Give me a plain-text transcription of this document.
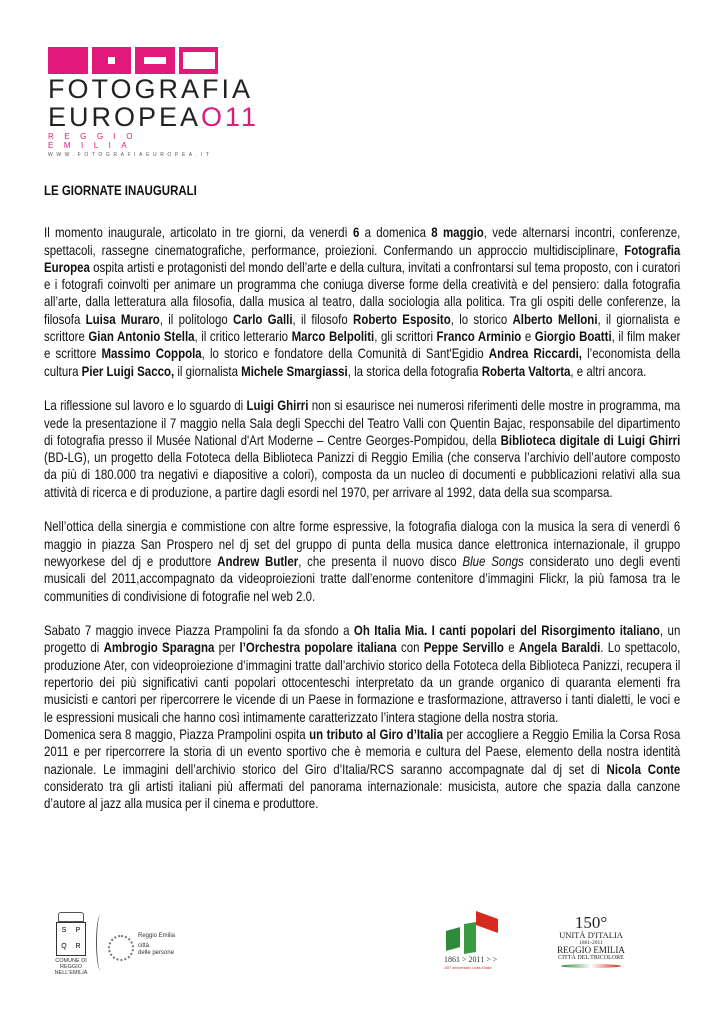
FOTOGRAFIA
EUROPEAO11
REGGIO EMILIA
WWW.FOTOGRAFIAEUROPEA.IT
LE GIORNATE INAUGURALI

Il momento inaugurale, articolato in tre giorni, da venerdì 6 a domenica 8 maggio, vede alternarsi incontri, conferenze, spettacoli, rassegne cinematografiche, performance, proiezioni. Confermando un approccio multidisciplinare, Fotografia Europea ospita artisti e protagonisti del mondo dell’arte e della cultura, invitati a confrontarsi sul tema proposto, con i curatori e i fotografi coinvolti per animare un programma che coniuga diverse forme della creatività e del pensiero: dalla fotografia all’arte, dalla letteratura alla filosofia, dalla musica al teatro, dalla sociologia alla politica. Tra gli ospiti delle conferenze, la filosofa Luisa Muraro, il politologo Carlo Galli, il filosofo Roberto Esposito, lo storico Alberto Melloni, il giornalista e scrittore Gian Antonio Stella, il critico letterario Marco Belpoliti, gli scrittori Franco Arminio e Giorgio Boatti, il film maker e scrittore Massimo Coppola, lo storico e fondatore della Comunità di Sant'Egidio Andrea Riccardi, l’economista della cultura Pier Luigi Sacco, il giornalista Michele Smargiassi, la storica della fotografia Roberta Valtorta, e altri ancora.

La riflessione sul lavoro e lo sguardo di Luigi Ghirri non si esaurisce nei numerosi riferimenti delle mostre in programma, ma vede la presentazione il 7 maggio nella Sala degli Specchi del Teatro Valli con Quentin Bajac, responsabile del dipartimento di fotografia presso il Musée National d'Art Moderne – Centre Georges-Pompidou, della Biblioteca digitale di Luigi Ghirri (BD-LG), un progetto della Fototeca della Biblioteca Panizzi di Reggio Emilia (che conserva l’archivio dell’autore composto da più di 180.000 tra negativi e diapositive a colori), composta da un nucleo di documenti e pubblicazioni relativi alla sua attività di ricerca e di produzione, a partire dagli esordi nel 1970, per arrivare al 1992, data della sua scomparsa.

Nell’ottica della sinergia e commistione con altre forme espressive, la fotografia dialoga con la musica la sera di venerdì 6 maggio in piazza San Prospero nel dj set del gruppo di punta della musica dance elettronica internazionale, il gruppo newyorkese del dj e produttore Andrew Butler, che presenta il nuovo disco Blue Songs considerato uno degli eventi musicali del 2011,accompagnato da videoproiezioni tratte dall’enorme contenitore d’immagini Flickr, la più famosa tra le communities di condivisione di fotografie nel web 2.0.

Sabato 7 maggio invece Piazza Prampolini fa da sfondo a Oh Italia Mia. I canti popolari del Risorgimento italiano, un progetto di Ambrogio Sparagna per l’Orchestra popolare italiana con Peppe Servillo e Angela Baraldi. Lo spettacolo, produzione Ater, con videoproiezione d’immagini tratte dall’archivio storico della Fototeca della Biblioteca Panizzi, recupera il repertorio dei più significativi canti popolari ottocenteschi interpretato da un grande organico di quaranta elementi fra musicisti e cantori per ripercorrere le vicende di un Paese in formazione e trasformazione, attraverso i tanti dialetti, le voci e le espressioni musicali che hanno così intimamente caratterizzato l’intera stagione della nostra storia.

Domenica sera 8 maggio, Piazza Prampolini ospita un tributo al Giro d’Italia per accogliere a Reggio Emilia la Corsa Rosa 2011 e per ripercorrere la storia di un evento sportivo che è memoria e cultura del Paese, elemento della nostra identità nazionale. Le immagini dell’archivio storico del Giro d’Italia/RCS saranno accompagnate dal dj set di Nicola Conte considerato tra gli artisti italiani più affermati del panorama internazionale: musicista, autore che spazia dalla canzone d’autore al jazz alla musica per il cinema e produttore.

S	P
Q	R
COMUNE DI REGGIO NELL'EMILIA
Reggio Emilia
città
delle persone
1861 > 2011 > >
150° anniversario Unità d'Italia
150°
UNITÀ D'ITALIA
1861-2011
REGGIO EMILIA
CITTÀ DEL TRICOLORE
